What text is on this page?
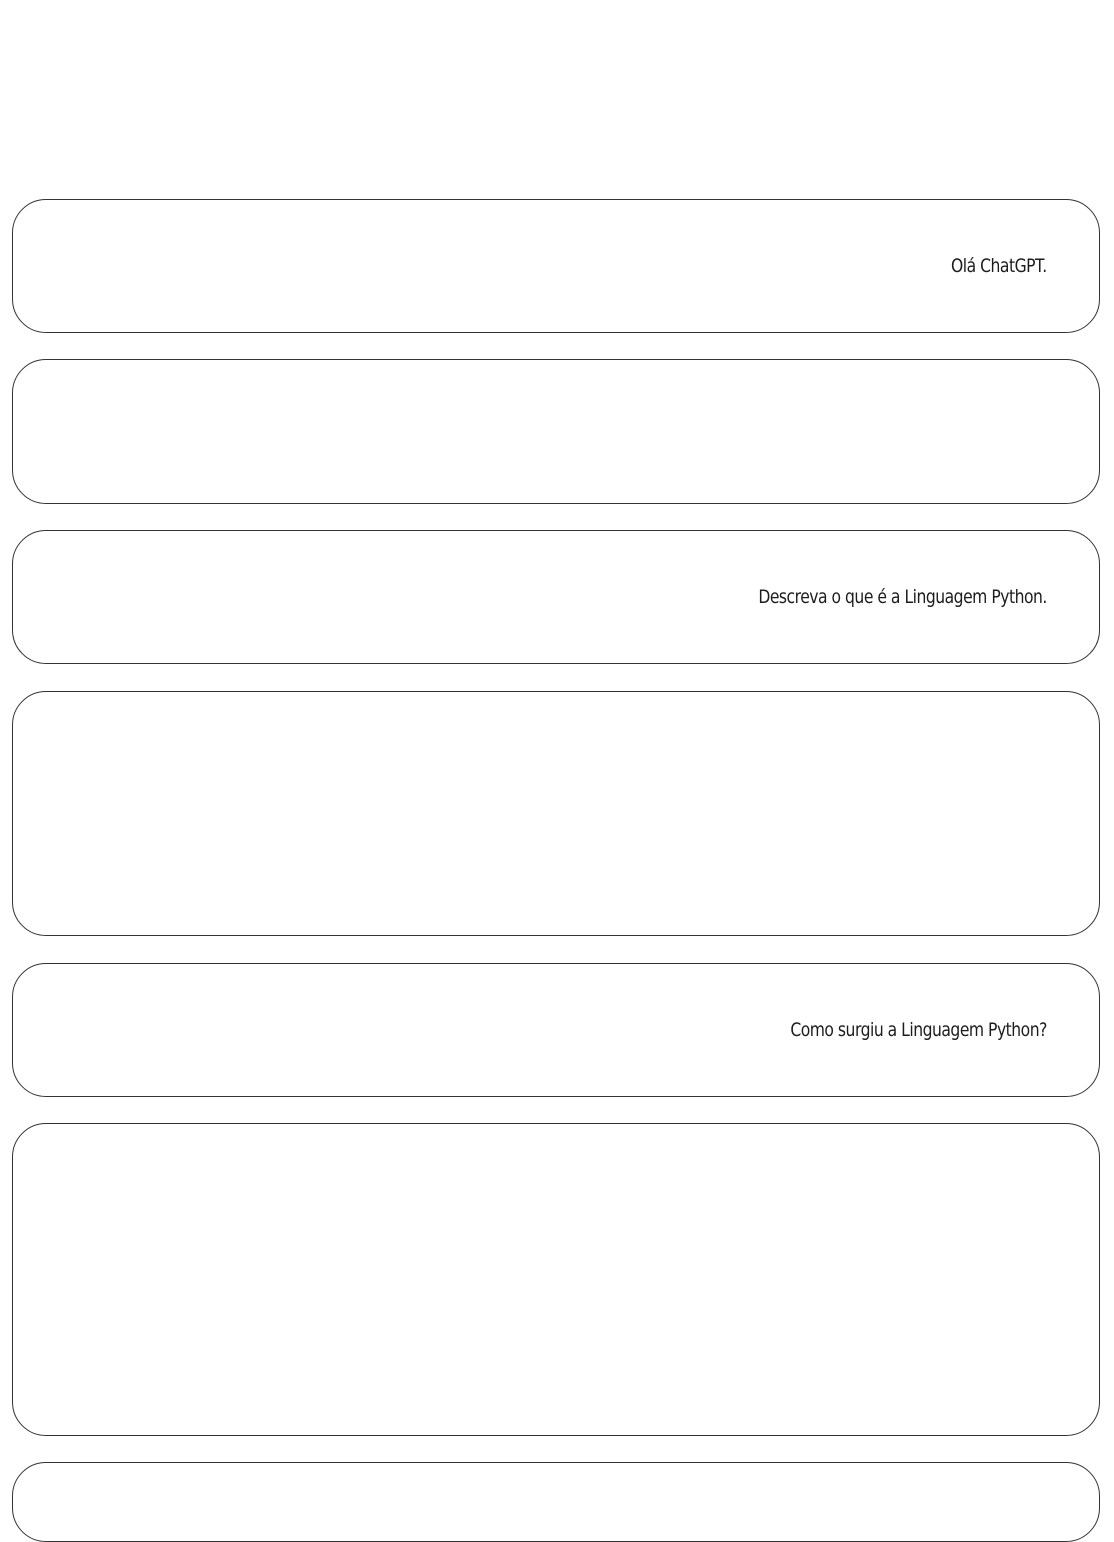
Olá ChatGPT.
Descreva o que é a Linguagem Python.
Como surgiu a Linguagem Python?
